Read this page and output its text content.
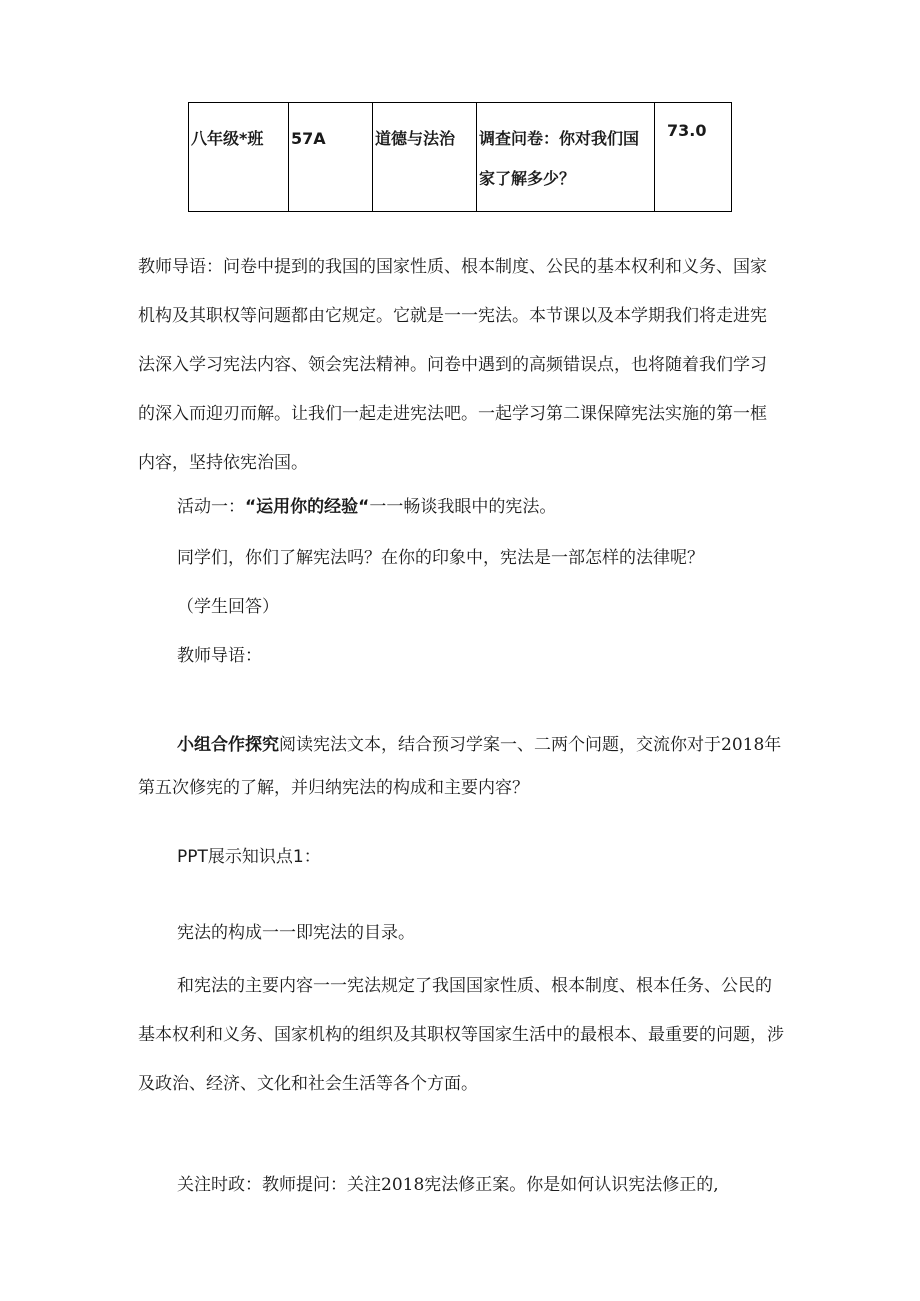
八年级*班	57A	道德与法治	调查问卷：你对我们国家了解多少？	73.0

教师导语：问卷中提到的我国的国家性质、根本制度、公民的基本权利和义务、国家机构及其职权等问题都由它规定。它就是一一宪法。本节课以及本学期我们将走进宪法深入学习宪法内容、领会宪法精神。问卷中遇到的高频错误点，也将随着我们学习的深入而迎刃而解。让我们一起走进宪法吧。一起学习第二课保障宪法实施的第一框内容，坚持依宪治国。

活动一：“运用你的经验“一一畅谈我眼中的宪法。

同学们，你们了解宪法吗？在你的印象中，宪法是一部怎样的法律呢？

（学生回答）

教师导语：

小组合作探究阅读宪法文本，结合预习学案一、二两个问题，交流你对于2018年第五次修宪的了解，并归纳宪法的构成和主要内容？

PPT展示知识点1：

宪法的构成一一即宪法的目录。

和宪法的主要内容一一宪法规定了我国国家性质、根本制度、根本任务、公民的基本权利和义务、国家机构的组织及其职权等国家生活中的最根本、最重要的问题，涉及政治、经济、文化和社会生活等各个方面。

关注时政：教师提问：关注2018宪法修正案。你是如何认识宪法修正的,
